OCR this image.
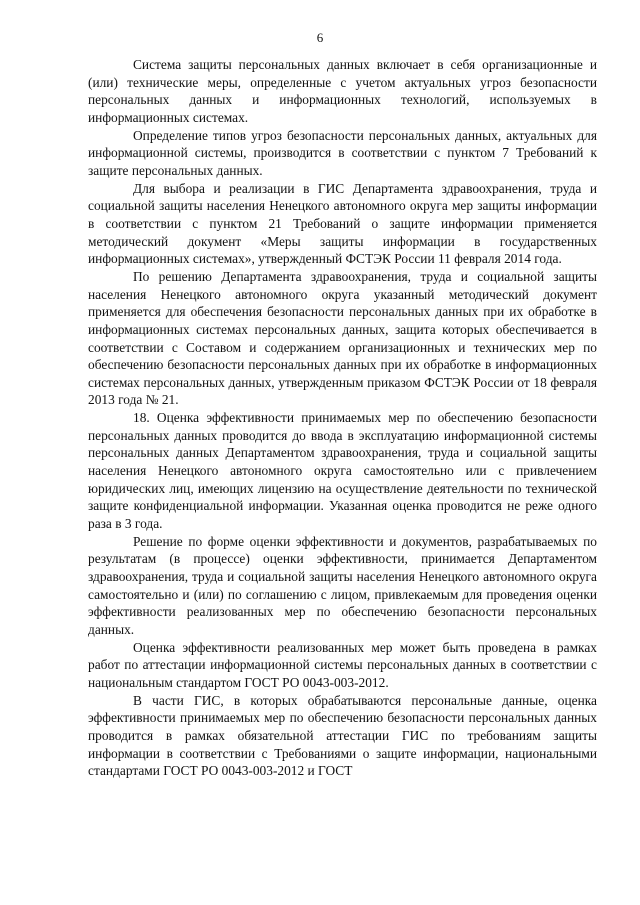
6

Система защиты персональных данных включает в себя организационные и (или) технические меры, определенные с учетом актуальных угроз безопасности персональных данных и информационных технологий, используемых в информационных системах.

Определение типов угроз безопасности персональных данных, актуальных для информационной системы, производится в соответствии с пунктом 7 Требований к защите персональных данных.

Для выбора и реализации в ГИС Департамента здравоохранения, труда и социальной защиты населения Ненецкого автономного округа мер защиты информации в соответствии с пунктом 21 Требований о защите информации применяется методический документ «Меры защиты информации в государственных информационных системах», утвержденный ФСТЭК России 11 февраля 2014 года.

По решению Департамента здравоохранения, труда и социальной защиты населения Ненецкого автономного округа указанный методический документ применяется для обеспечения безопасности персональных данных при их обработке в информационных системах персональных данных, защита которых обеспечивается в соответствии с Составом и содержанием организационных и технических мер по обеспечению безопасности персональных данных при их обработке в информационных системах персональных данных, утвержденным приказом ФСТЭК России от 18 февраля 2013 года № 21.

18. Оценка эффективности принимаемых мер по обеспечению безопасности персональных данных проводится до ввода в эксплуатацию информационной системы персональных данных Департаментом здравоохранения, труда и социальной защиты населения Ненецкого автономного округа самостоятельно или с привлечением юридических лиц, имеющих лицензию на осуществление деятельности по технической защите конфиденциальной информации. Указанная оценка проводится не реже одного раза в 3 года.

Решение по форме оценки эффективности и документов, разрабатываемых по результатам (в процессе) оценки эффективности, принимается Департаментом здравоохранения, труда и социальной защиты населения Ненецкого автономного округа самостоятельно и (или) по соглашению с лицом, привлекаемым для проведения оценки эффективности реализованных мер по обеспечению безопасности персональных данных.

Оценка эффективности реализованных мер может быть проведена в рамках работ по аттестации информационной системы персональных данных в соответствии с национальным стандартом ГОСТ РО 0043-003-2012.

В части ГИС, в которых обрабатываются персональные данные, оценка эффективности принимаемых мер по обеспечению безопасности персональных данных проводится в рамках обязательной аттестации ГИС по требованиям защиты информации в соответствии с Требованиями о защите информации, национальными стандартами ГОСТ РО 0043-003-2012 и ГОСТ
